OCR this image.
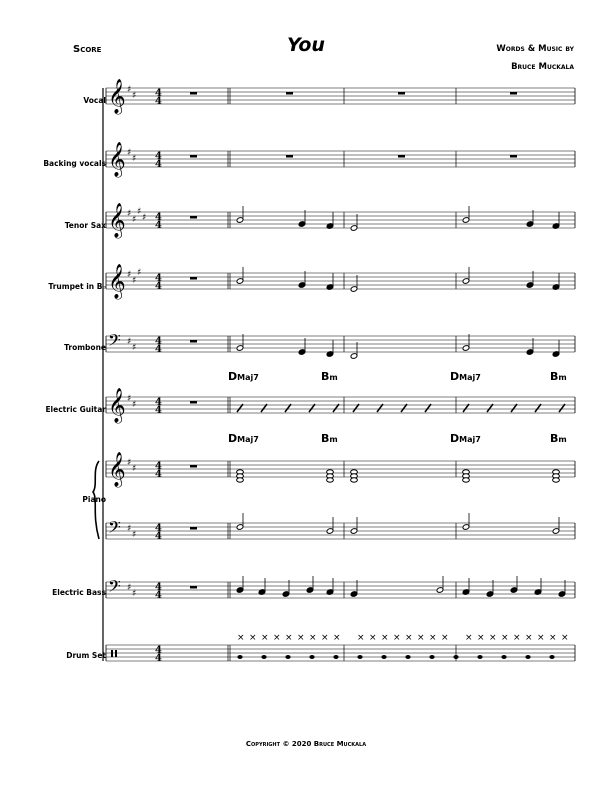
Score	You	Words & Music by
Bruce Muckala
Vocal
Backing vocals
Tenor Sax
Trumpet in B♭
Trombone
Electric Guitar
Piano
Electric Bass
Drum Set
DMaj7	Bm	DMaj7	Bm
DMaj7	Bm	DMaj7	Bm
Copyright © 2020 Bruce Muckala
𝄞 ♯
♯ 4
4
𝄞 ♯
♯ 4
4
𝄞 ♯
♯
♯
♯ 4
4
𝄞 ♯
♯
♯ 4
4
𝄢 ♯
♯
4
4
𝄞 ♯
♯ 4
4
𝄞 ♯
♯ 4
4
𝄢 ♯
♯
4
4
𝄢 ♯
♯
4
4
4
4
× × × × × × × × × × × × × × × × × × × × × × × × × ×
